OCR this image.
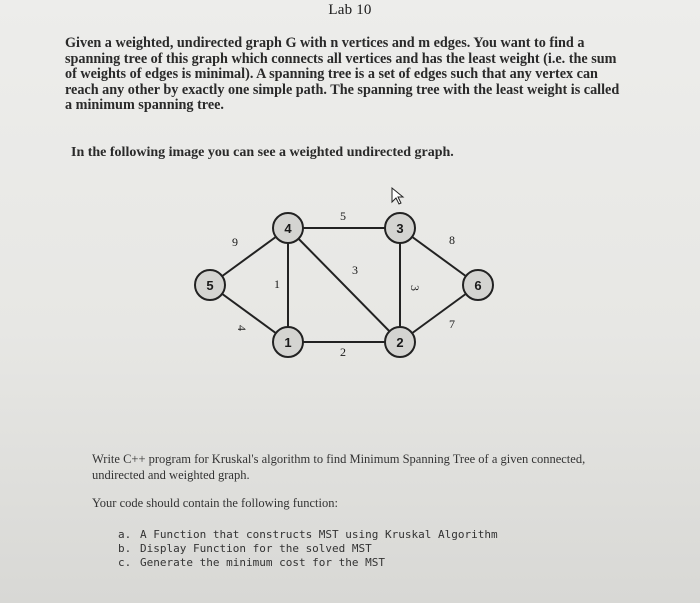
Lab 10
Given a weighted, undirected graph G with n vertices and m edges. You want to find a spanning tree of this graph which connects all vertices and has the least weight (i.e. the sum of weights of edges is minimal). A spanning tree is a set of edges such that any vertex can reach any other by exactly one simple path. The spanning tree with the least weight is called a minimum spanning tree.
In the following image you can see a weighted undirected graph.
5
9	8
1
3
3
4
2
7
4	3
5	6
1	2
Write C++ program for Kruskal's algorithm to find Minimum Spanning Tree of a given connected, undirected and weighted graph.
Your code should contain the following function:
a. A Function that constructs MST using Kruskal Algorithm
b. Display Function for the solved MST
c. Generate the minimum cost for the MST
